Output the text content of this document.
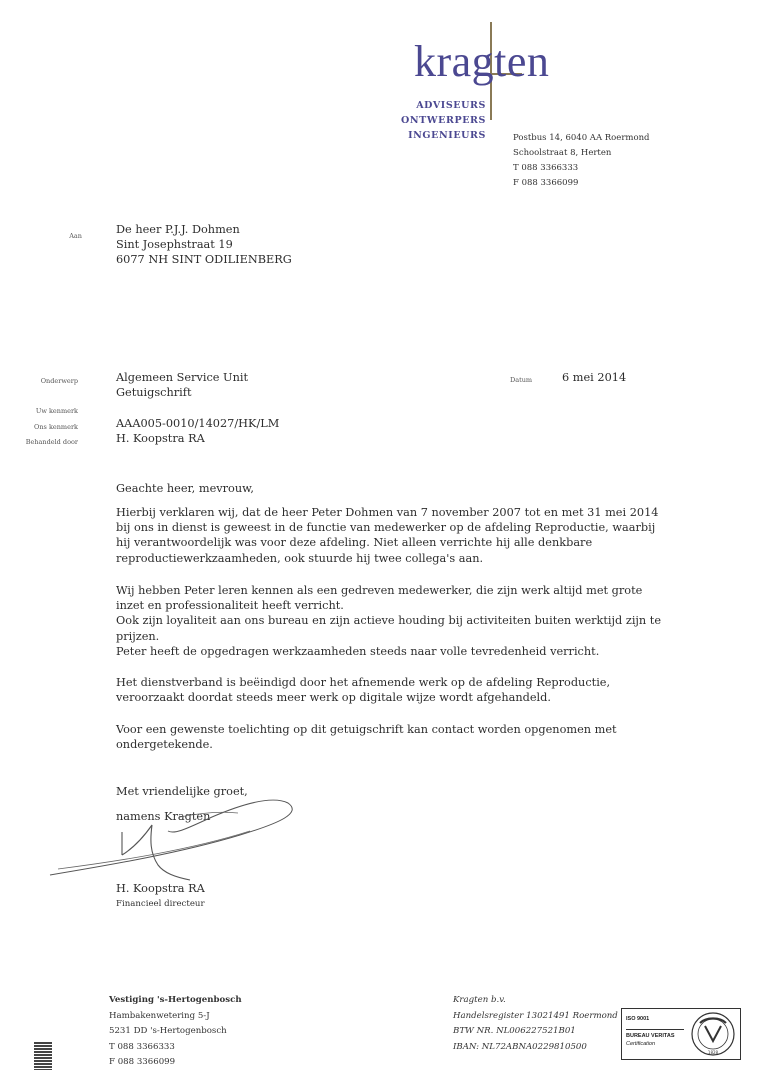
kragten
ADVISEURS
ONTWERPERS
INGENIEURS	Postbus 14, 6040 AA Roermond
Schoolstraat 8, Herten
T 088 3366333
F 088 3366099
Aan	De heer P.J.J. Dohmen
Sint Josephstraat 19
6077 NH SINT ODILIENBERG
Onderwerp	Algemeen Service Unit
Getuigschrift
Datum	6 mei 2014
Uw kenmerk
Ons kenmerk	AAA005-0010/14027/HK/LM
Behandeld door	H. Koopstra RA
Geachte heer, mevrouw,

Hierbij verklaren wij, dat de heer Peter Dohmen van 7 november 2007 tot en met 31 mei 2014

bij ons in dienst is geweest in de functie van medewerker op de afdeling Reproductie, waarbij

hij verantwoordelijk was voor deze afdeling. Niet alleen verrichte hij alle denkbare

reproductiewerkzaamheden, ook stuurde hij twee collega's aan.

Wij hebben Peter leren kennen als een gedreven medewerker, die zijn werk altijd met grote

inzet en professionaliteit heeft verricht.

Ook zijn loyaliteit aan ons bureau en zijn actieve houding bij activiteiten buiten werktijd zijn te

prijzen.

Peter heeft de opgedragen werkzaamheden steeds naar volle tevredenheid verricht.

Het dienstverband is beëindigd door het afnemende werk op de afdeling Reproductie,

veroorzaakt doordat steeds meer werk op digitale wijze wordt afgehandeld.

Voor een gewenste toelichting op dit getuigschrift kan contact worden opgenomen met

ondergetekende.

Met vriendelijke groet,
namens Kragten
H. Koopstra RA
Financieel directeur
Vestiging 's-Hertogenbosch
Hambakenwetering 5-J
5231 DD 's-Hertogenbosch
T 088 3366333
F 088 3366099
Kragten b.v.
Handelsregister 13021491 Roermond
BTW NR. NL006227521B01
IBAN: NL72ABNA0229810500
ISO 9001
BUREAU VERITAS
Certification
1828
